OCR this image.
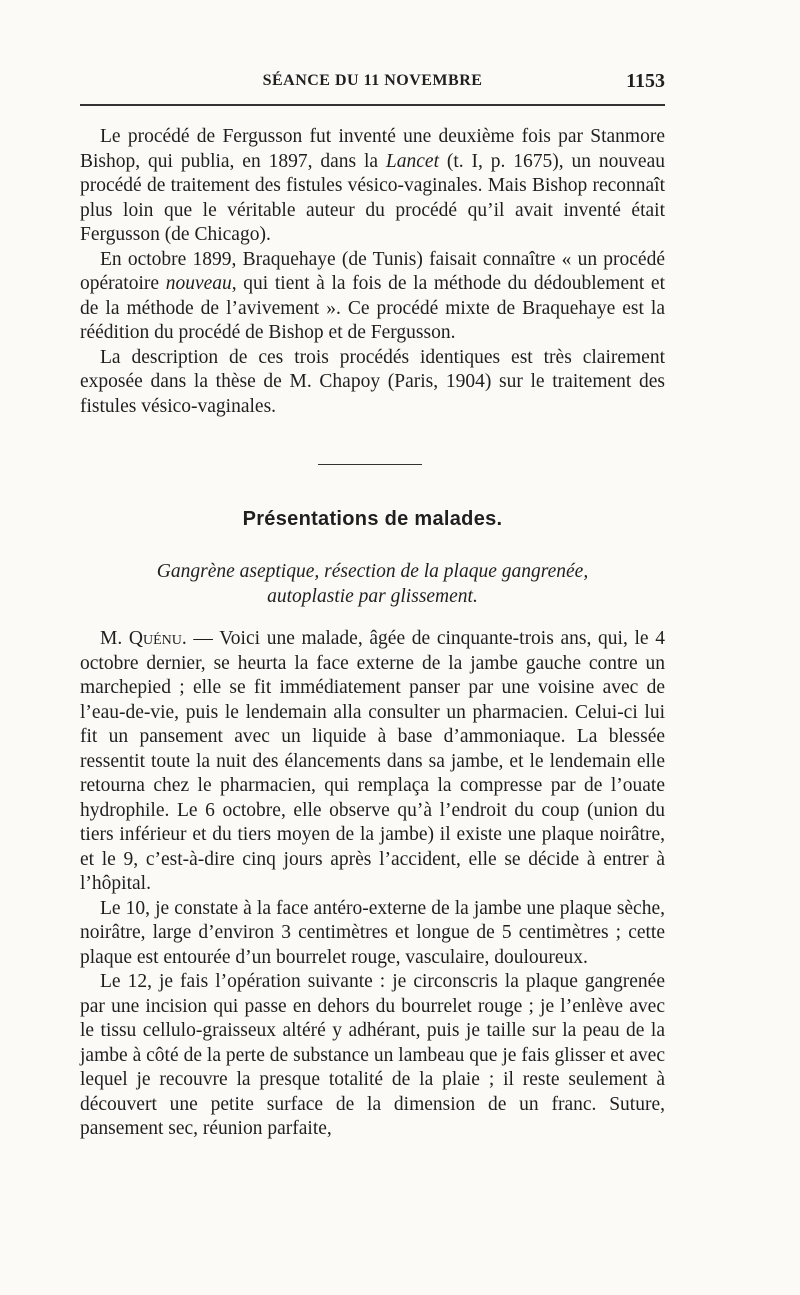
SÉANCE DU 11 NOVEMBRE	1153

Le procédé de Fergusson fut inventé une deuxième fois par Stanmore Bishop, qui publia, en 1897, dans la Lancet (t. I, p. 1675), un nouveau procédé de traitement des fistules vésico-vaginales. Mais Bishop reconnaît plus loin que le véritable auteur du procédé qu’il avait inventé était Fergusson (de Chicago).

En octobre 1899, Braquehaye (de Tunis) faisait connaître « un procédé opératoire nouveau, qui tient à la fois de la méthode du dédoublement et de la méthode de l’avivement ». Ce procédé mixte de Braquehaye est la réédition du procédé de Bishop et de Fergusson.

La description de ces trois procédés identiques est très clairement exposée dans la thèse de M. Chapoy (Paris, 1904) sur le traitement des fistules vésico-vaginales.

Présentations de malades.
Gangrène aseptique, résection de la plaque gangrenée,
autoplastie par glissement.

M. Quénu. — Voici une malade, âgée de cinquante-trois ans, qui, le 4 octobre dernier, se heurta la face externe de la jambe gauche contre un marchepied ; elle se fit immédiatement panser par une voisine avec de l’eau-de-vie, puis le lendemain alla consulter un pharmacien. Celui-ci lui fit un pansement avec un liquide à base d’ammoniaque. La blessée ressentit toute la nuit des élancements dans sa jambe, et le lendemain elle retourna chez le pharmacien, qui remplaça la compresse par de l’ouate hydrophile. Le 6 octobre, elle observe qu’à l’endroit du coup (union du tiers inférieur et du tiers moyen de la jambe) il existe une plaque noirâtre, et le 9, c’est-à-dire cinq jours après l’accident, elle se décide à entrer à l’hôpital.

Le 10, je constate à la face antéro-externe de la jambe une plaque sèche, noirâtre, large d’environ 3 centimètres et longue de 5 centimètres ; cette plaque est entourée d’un bourrelet rouge, vasculaire, douloureux.

Le 12, je fais l’opération suivante : je circonscris la plaque gangrenée par une incision qui passe en dehors du bourrelet rouge ; je l’enlève avec le tissu cellulo-graisseux altéré y adhérant, puis je taille sur la peau de la jambe à côté de la perte de substance un lambeau que je fais glisser et avec lequel je recouvre la presque totalité de la plaie ; il reste seulement à découvert une petite surface de la dimension de un franc. Suture, pansement sec, réunion parfaite,
